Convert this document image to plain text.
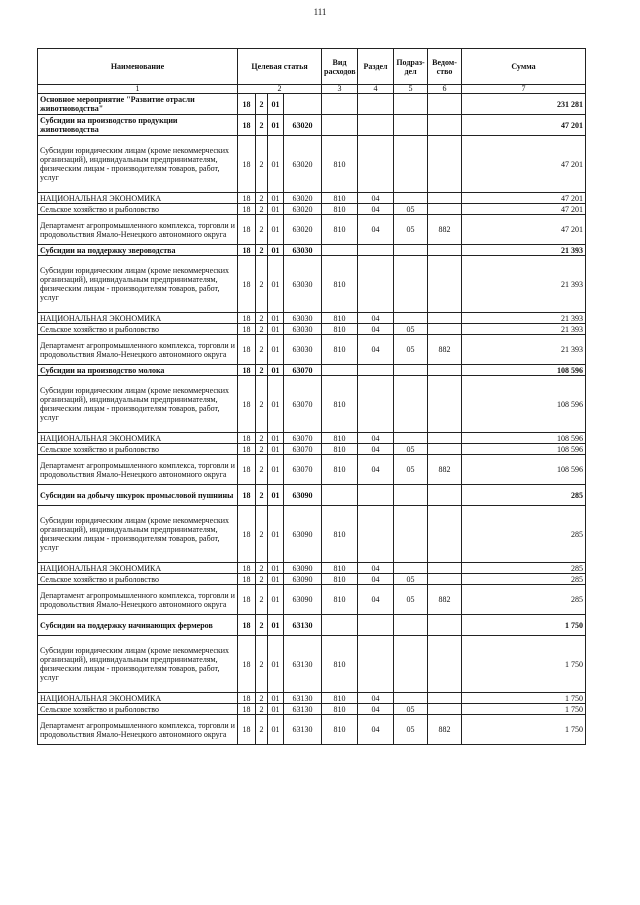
111
Наименование	Целевая статья				Вид расходов	Раздел	Подраз-дел	Ведом-ство	Сумма
1	2				3	4	5	6	7
Основное мероприятие "Развитие отрасли животноводства"	18	2	01						231 281
Субсидии на производство продукции животноводства	18	2	01	63020					47 201
Субсидии юридическим лицам (кроме некоммерческих организаций), индивидуальным предпринимателям, физическим лицам - производителям товаров, работ, услуг	18	2	01	63020	810				47 201
НАЦИОНАЛЬНАЯ ЭКОНОМИКА	18	2	01	63020	810	04			47 201
Сельское хозяйство и рыболовство	18	2	01	63020	810	04	05		47 201
Департамент агропромышленного комплекса, торговли и продовольствия Ямало-Ненецкого автономного округа	18	2	01	63020	810	04	05	882	47 201
Субсидии на поддержку звероводства	18	2	01	63030					21 393
Субсидии юридическим лицам (кроме некоммерческих организаций), индивидуальным предпринимателям, физическим лицам - производителям товаров, работ, услуг	18	2	01	63030	810				21 393
НАЦИОНАЛЬНАЯ ЭКОНОМИКА	18	2	01	63030	810	04			21 393
Сельское хозяйство и рыболовство	18	2	01	63030	810	04	05		21 393
Департамент агропромышленного комплекса, торговли и продовольствия Ямало-Ненецкого автономного округа	18	2	01	63030	810	04	05	882	21 393
Субсидии на производство молока	18	2	01	63070					108 596
Субсидии юридическим лицам (кроме некоммерческих организаций), индивидуальным предпринимателям, физическим лицам - производителям товаров, работ, услуг	18	2	01	63070	810				108 596
НАЦИОНАЛЬНАЯ ЭКОНОМИКА	18	2	01	63070	810	04			108 596
Сельское хозяйство и рыболовство	18	2	01	63070	810	04	05		108 596
Департамент агропромышленного комплекса, торговли и продовольствия Ямало-Ненецкого автономного округа	18	2	01	63070	810	04	05	882	108 596
Субсидии на добычу шкурок промысловой пушнины	18	2	01	63090					285
Субсидии юридическим лицам (кроме некоммерческих организаций), индивидуальным предпринимателям, физическим лицам - производителям товаров, работ, услуг	18	2	01	63090	810				285
НАЦИОНАЛЬНАЯ ЭКОНОМИКА	18	2	01	63090	810	04			285
Сельское хозяйство и рыболовство	18	2	01	63090	810	04	05		285
Департамент агропромышленного комплекса, торговли и продовольствия Ямало-Ненецкого автономного округа	18	2	01	63090	810	04	05	882	285
Субсидии на поддержку начинающих фермеров	18	2	01	63130					1 750
Субсидии юридическим лицам (кроме некоммерческих организаций), индивидуальным предпринимателям, физическим лицам - производителям товаров, работ, услуг	18	2	01	63130	810				1 750
НАЦИОНАЛЬНАЯ ЭКОНОМИКА	18	2	01	63130	810	04			1 750
Сельское хозяйство и рыболовство	18	2	01	63130	810	04	05		1 750
Департамент агропромышленного комплекса, торговли и продовольствия Ямало-Ненецкого автономного округа	18	2	01	63130	810	04	05	882	1 750
